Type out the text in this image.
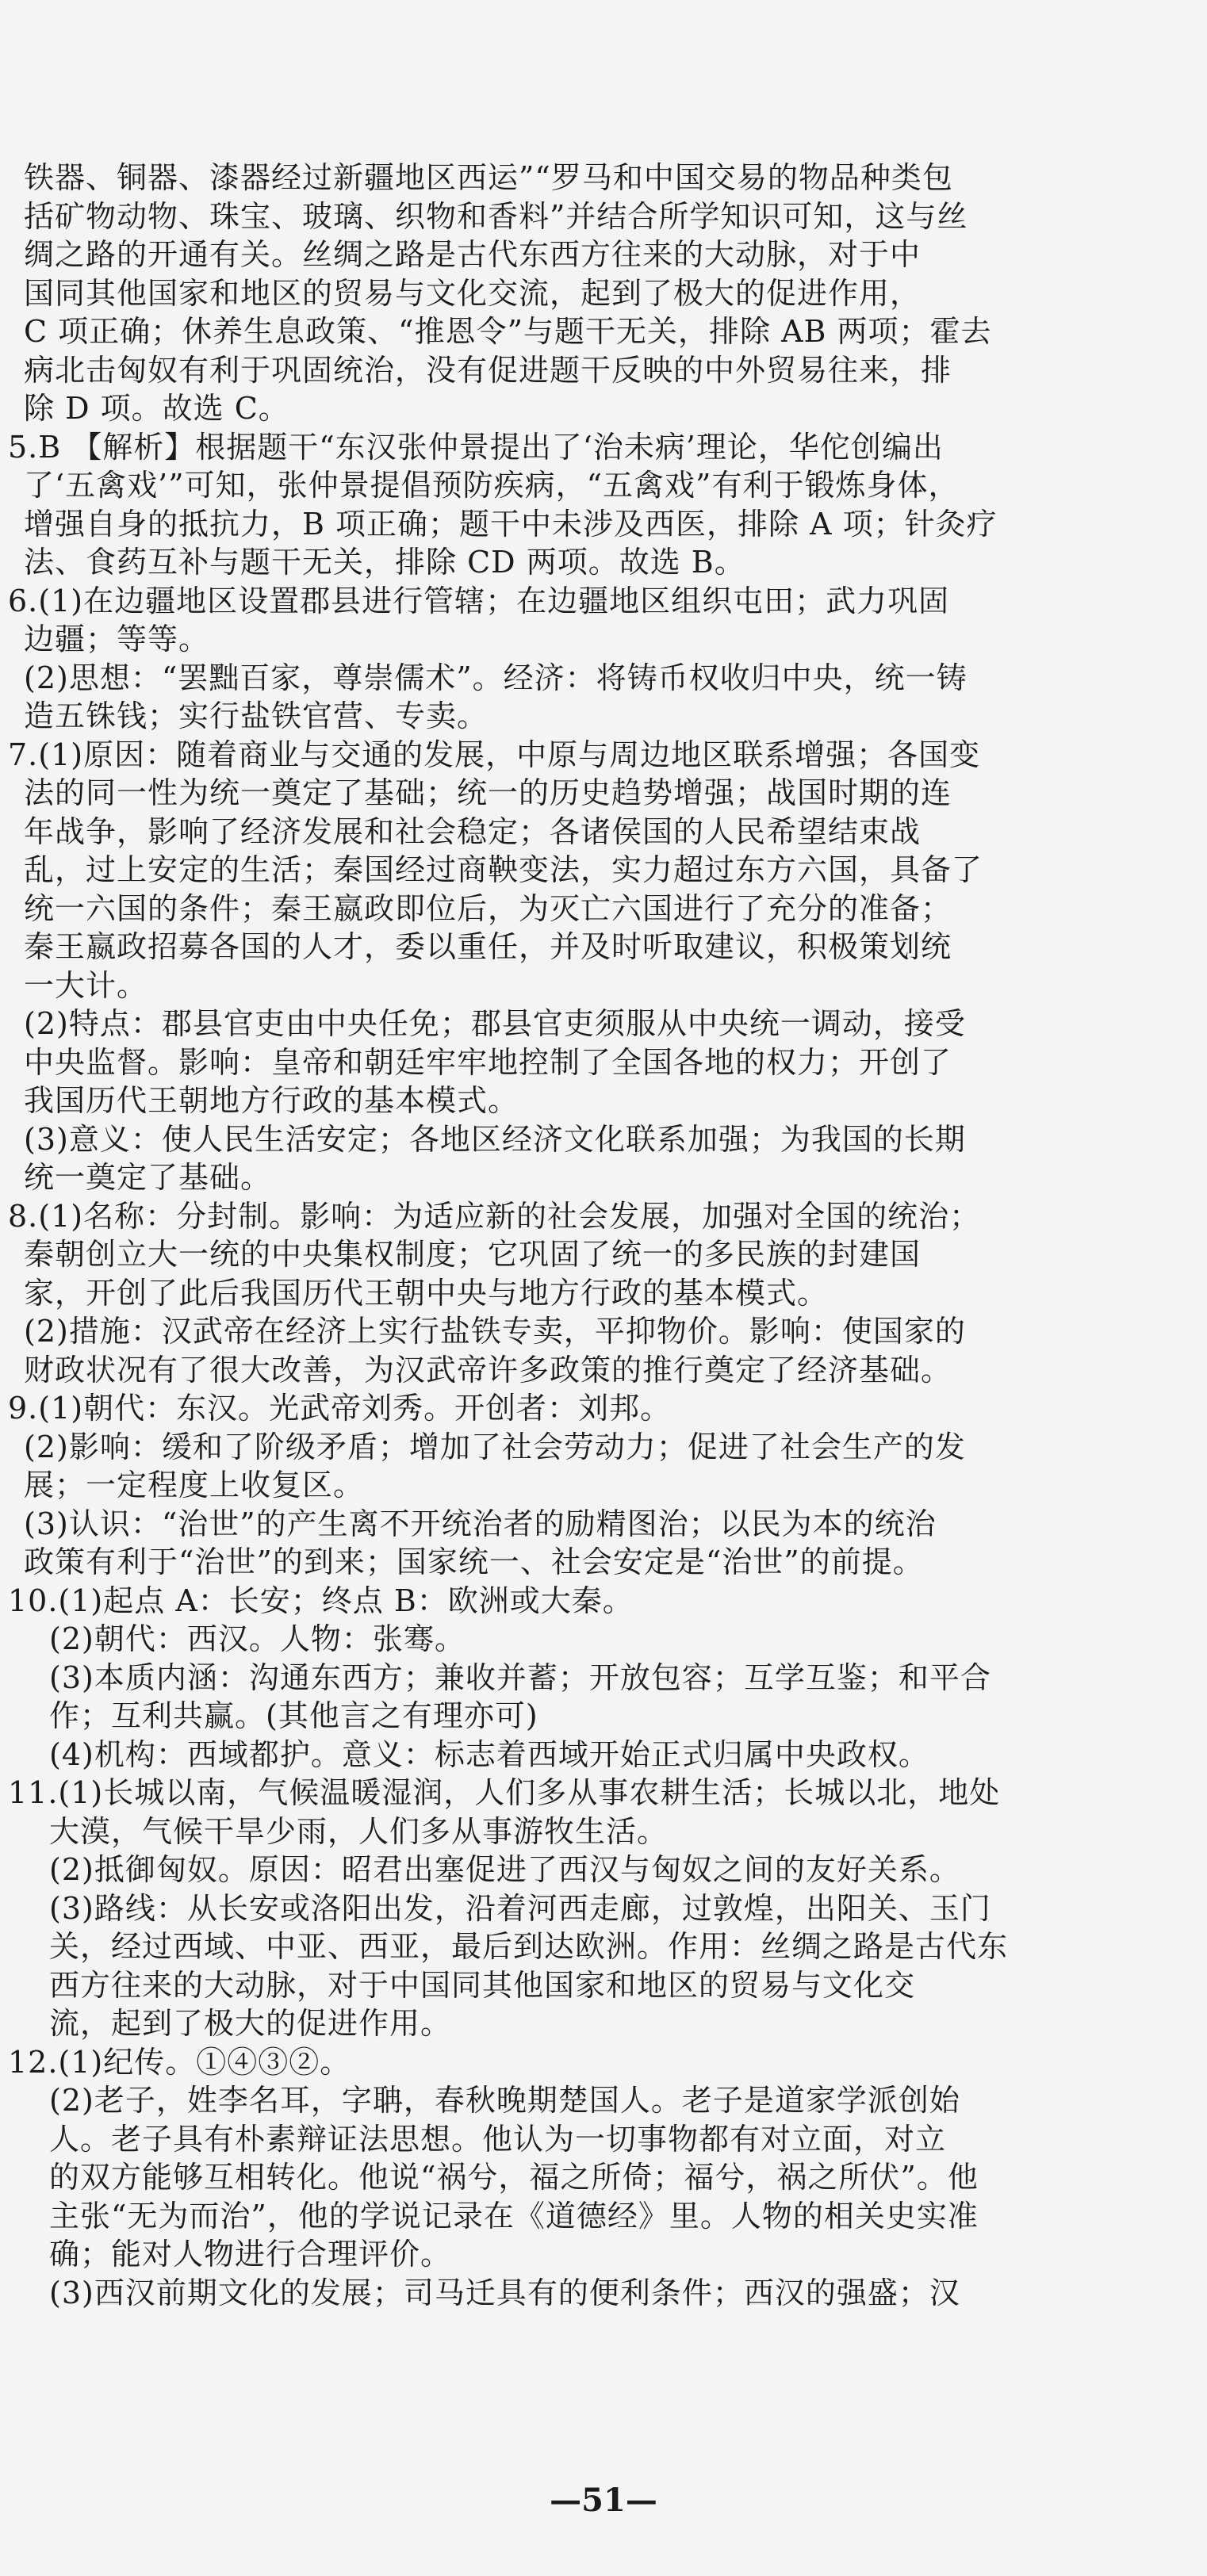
铁器、铜器、漆器经过新疆地区西运”“罗马和中国交易的物品种类包
括矿物动物、珠宝、玻璃、织物和香料”并结合所学知识可知，这与丝
绸之路的开通有关。丝绸之路是古代东西方往来的大动脉，对于中
国同其他国家和地区的贸易与文化交流，起到了极大的促进作用，
C 项正确；休养生息政策、“推恩令”与题干无关，排除 AB 两项；霍去
病北击匈奴有利于巩固统治，没有促进题干反映的中外贸易往来，排
除 D 项。故选 C。
5.B 【解析】根据题干“东汉张仲景提出了‘治未病’理论，华佗创编出
了‘五禽戏’”可知，张仲景提倡预防疾病，“五禽戏”有利于锻炼身体，
增强自身的抵抗力，B 项正确；题干中未涉及西医，排除 A 项；针灸疗
法、食药互补与题干无关，排除 CD 两项。故选 B。
6.(1)在边疆地区设置郡县进行管辖；在边疆地区组织屯田；武力巩固
边疆；等等。
(2)思想：“罢黜百家，尊崇儒术”。经济：将铸币权收归中央，统一铸
造五铢钱；实行盐铁官营、专卖。
7.(1)原因：随着商业与交通的发展，中原与周边地区联系增强；各国变
法的同一性为统一奠定了基础；统一的历史趋势增强；战国时期的连
年战争，影响了经济发展和社会稳定；各诸侯国的人民希望结束战
乱，过上安定的生活；秦国经过商鞅变法，实力超过东方六国，具备了
统一六国的条件；秦王嬴政即位后，为灭亡六国进行了充分的准备；
秦王嬴政招募各国的人才，委以重任，并及时听取建议，积极策划统
一大计。
(2)特点：郡县官吏由中央任免；郡县官吏须服从中央统一调动，接受
中央监督。影响：皇帝和朝廷牢牢地控制了全国各地的权力；开创了
我国历代王朝地方行政的基本模式。
(3)意义：使人民生活安定；各地区经济文化联系加强；为我国的长期
统一奠定了基础。
8.(1)名称：分封制。影响：为适应新的社会发展，加强对全国的统治；
秦朝创立大一统的中央集权制度；它巩固了统一的多民族的封建国
家，开创了此后我国历代王朝中央与地方行政的基本模式。
(2)措施：汉武帝在经济上实行盐铁专卖，平抑物价。影响：使国家的
财政状况有了很大改善，为汉武帝许多政策的推行奠定了经济基础。
9.(1)朝代：东汉。光武帝刘秀。开创者：刘邦。
(2)影响：缓和了阶级矛盾；增加了社会劳动力；促进了社会生产的发
展；一定程度上收复区。
(3)认识：“治世”的产生离不开统治者的励精图治；以民为本的统治
政策有利于“治世”的到来；国家统一、社会安定是“治世”的前提。
10.(1)起点 A：长安；终点 B：欧洲或大秦。
(2)朝代：西汉。人物：张骞。
(3)本质内涵：沟通东西方；兼收并蓄；开放包容；互学互鉴；和平合
作；互利共赢。(其他言之有理亦可)
(4)机构：西域都护。意义：标志着西域开始正式归属中央政权。
11.(1)长城以南，气候温暖湿润，人们多从事农耕生活；长城以北，地处
大漠，气候干旱少雨，人们多从事游牧生活。
(2)抵御匈奴。原因：昭君出塞促进了西汉与匈奴之间的友好关系。
(3)路线：从长安或洛阳出发，沿着河西走廊，过敦煌，出阳关、玉门
关，经过西域、中亚、西亚，最后到达欧洲。作用：丝绸之路是古代东
西方往来的大动脉，对于中国同其他国家和地区的贸易与文化交
流，起到了极大的促进作用。
12.(1)纪传。①④③②。
(2)老子，姓李名耳，字聃，春秋晚期楚国人。老子是道家学派创始
人。老子具有朴素辩证法思想。他认为一切事物都有对立面，对立
的双方能够互相转化。他说“祸兮，福之所倚；福兮，祸之所伏”。他
主张“无为而治”，他的学说记录在《道德经》里。人物的相关史实准
确；能对人物进行合理评价。
(3)西汉前期文化的发展；司马迁具有的便利条件；西汉的强盛；汉
—51—
